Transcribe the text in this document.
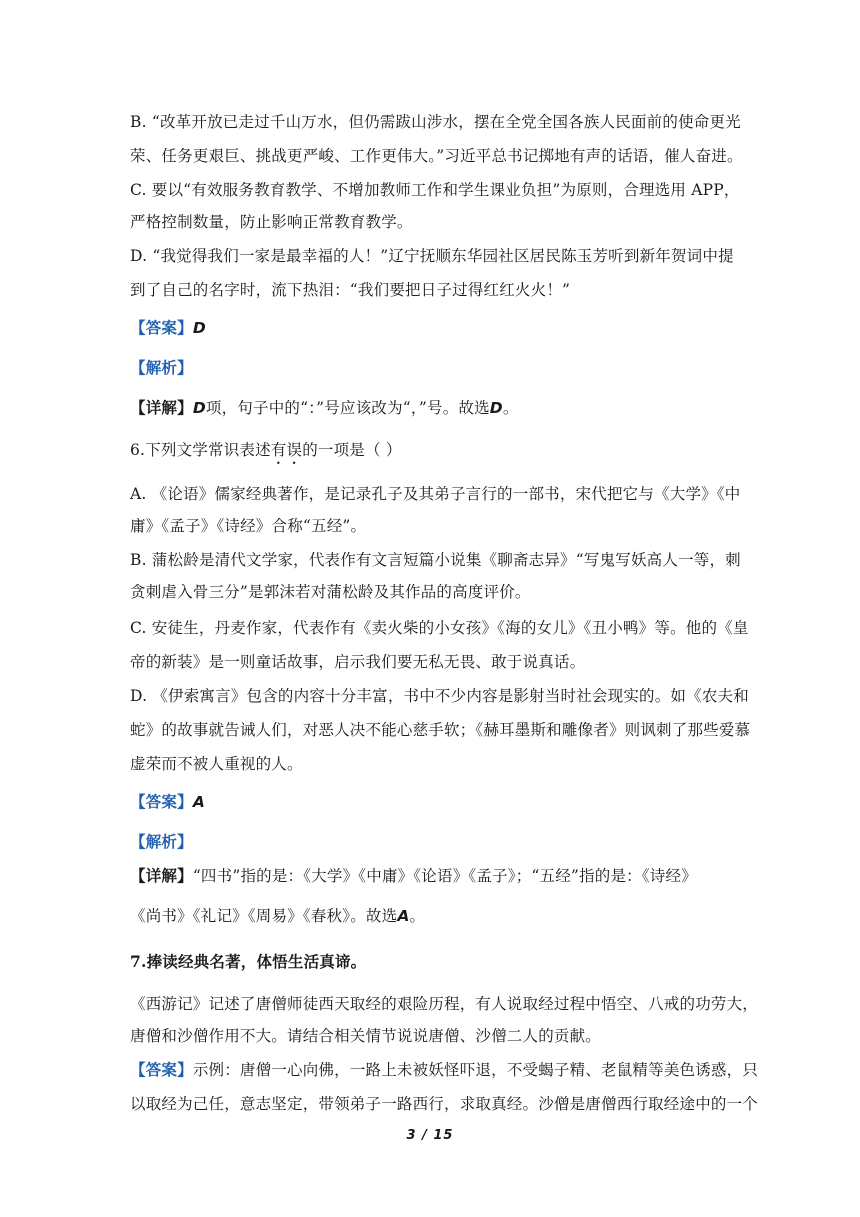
B. “改革开放已走过千山万水，但仍需跋山涉水，摆在全党全国各族人民面前的使命更光
荣、任务更艰巨、挑战更严峻、工作更伟大。”习近平总书记掷地有声的话语，催人奋进。
C. 要以“有效服务教育教学、不增加教师工作和学生课业负担”为原则，合理选用 APP，
严格控制数量，防止影响正常教育教学。
D. “我觉得我们一家是最幸福的人！”辽宁抚顺东华园社区居民陈玉芳听到新年贺词中提
到了自己的名字时，流下热泪：“我们要把日子过得红红火火！”
【答案】D
【解析】
【详解】D项，句子中的“：”号应该改为“，”号。故选D。
6.下列文学常识表述有误的一项是（ ）
A. 《论语》儒家经典著作，是记录孔子及其弟子言行的一部书，宋代把它与《大学》《中
庸》《孟子》《诗经》合称“五经”。
B. 蒲松龄是清代文学家，代表作有文言短篇小说集《聊斋志异》“写鬼写妖高人一等，刺
贪刺虐入骨三分”是郭沫若对蒲松龄及其作品的高度评价。
C. 安徒生，丹麦作家，代表作有《卖火柴的小女孩》《海的女儿》《丑小鸭》等。他的《皇
帝的新装》是一则童话故事，启示我们要无私无畏、敢于说真话。
D. 《伊索寓言》包含的内容十分丰富，书中不少内容是影射当时社会现实的。如《农夫和
蛇》的故事就告诫人们，对恶人决不能心慈手软；《赫耳墨斯和雕像者》则讽刺了那些爱慕
虚荣而不被人重视的人。
【答案】A
【解析】
【详解】“四书”指的是：《大学》《中庸》《论语》《孟子》；“五经”指的是：《诗经》
《尚书》《礼记》《周易》《春秋》。故选A。
7.捧读经典名著，体悟生活真谛。
《西游记》记述了唐僧师徒西天取经的艰险历程，有人说取经过程中悟空、八戒的功劳大，
唐僧和沙僧作用不大。请结合相关情节说说唐僧、沙僧二人的贡献。
【答案】示例：唐僧一心向佛，一路上未被妖怪吓退，不受蝎子精、老鼠精等美色诱惑，只
以取经为己任，意志坚定，带领弟子一路西行，求取真经。沙僧是唐僧西行取经途中的一个
3 / 15
